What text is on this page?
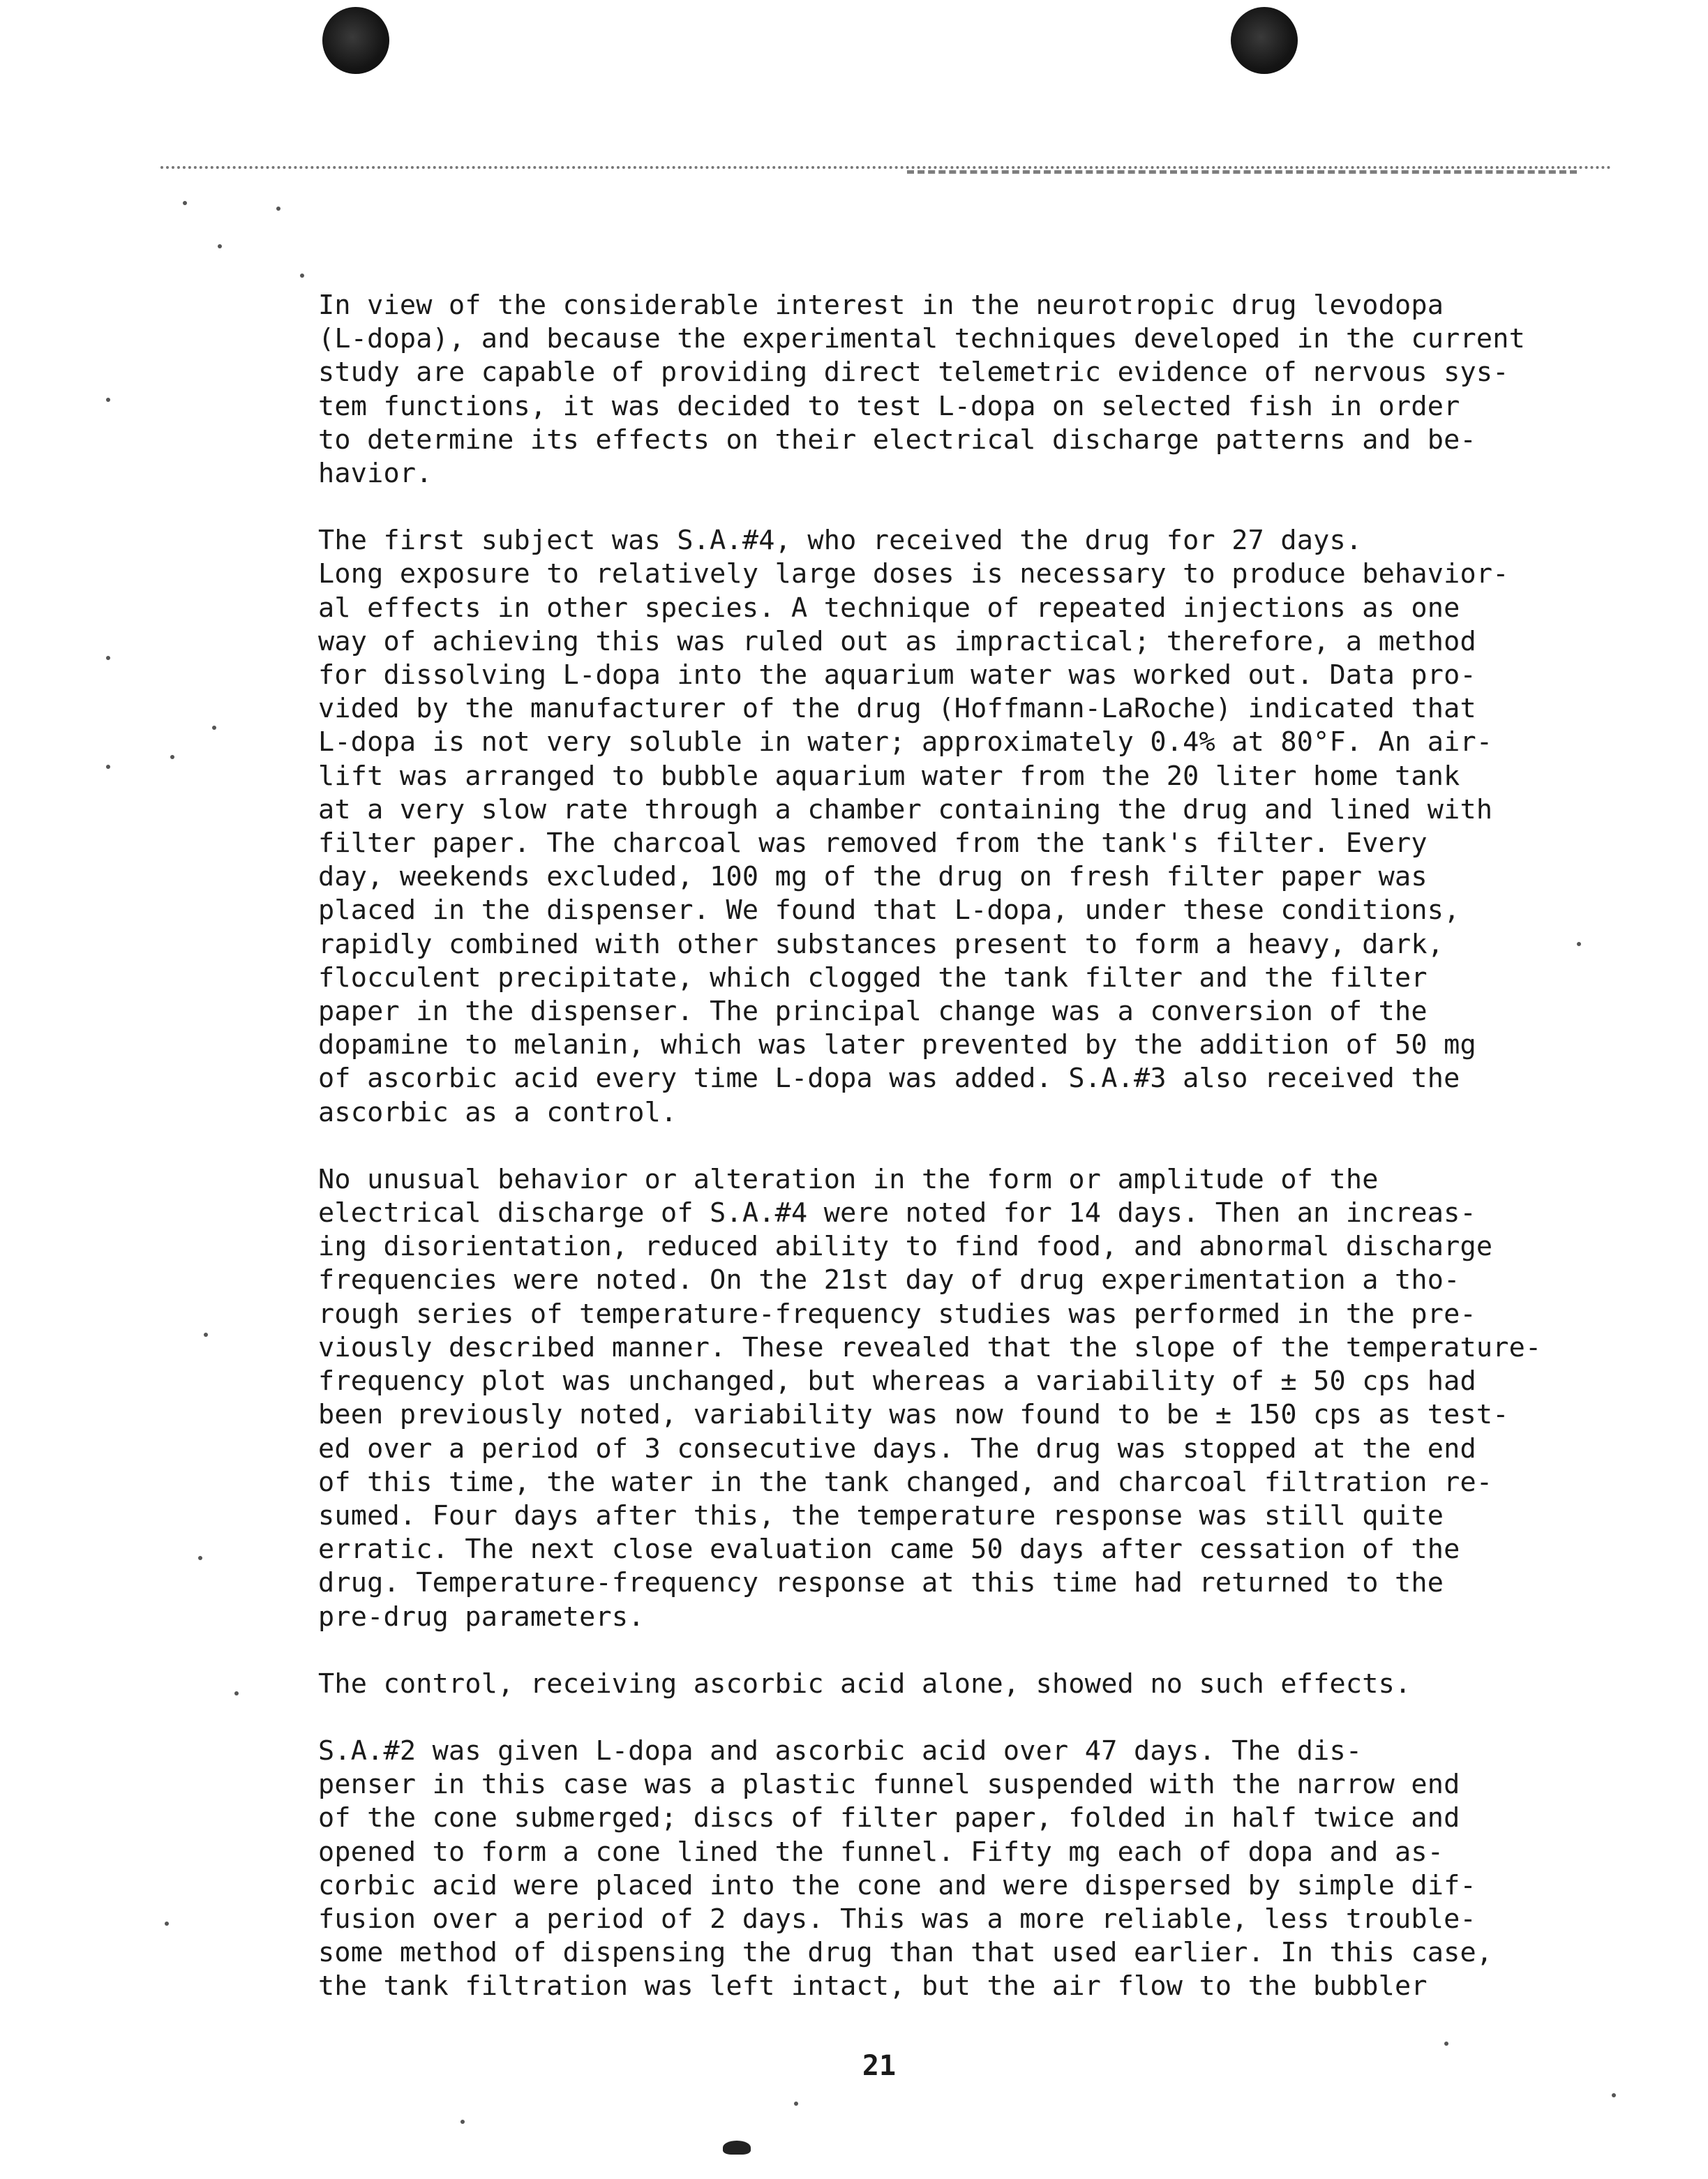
In view of the considerable interest in the neurotropic drug levodopa
(L-dopa), and because the experimental techniques developed in the current
study are capable of providing direct telemetric evidence of nervous sys-
tem functions, it was decided to test L-dopa on selected fish in order
to determine its effects on their electrical discharge patterns and be-
havior.

The first subject was S.A.#4, who received the drug for 27 days.
Long exposure to relatively large doses is necessary to produce behavior-
al effects in other species. A technique of repeated injections as one
way of achieving this was ruled out as impractical; therefore, a method
for dissolving L-dopa into the aquarium water was worked out. Data pro-
vided by the manufacturer of the drug (Hoffmann-LaRoche) indicated that
L-dopa is not very soluble in water; approximately 0.4% at 80°F. An air-
lift was arranged to bubble aquarium water from the 20 liter home tank
at a very slow rate through a chamber containing the drug and lined with
filter paper. The charcoal was removed from the tank's filter. Every
day, weekends excluded, 100 mg of the drug on fresh filter paper was
placed in the dispenser. We found that L-dopa, under these conditions,
rapidly combined with other substances present to form a heavy, dark,
flocculent precipitate, which clogged the tank filter and the filter
paper in the dispenser. The principal change was a conversion of the
dopamine to melanin, which was later prevented by the addition of 50 mg
of ascorbic acid every time L-dopa was added. S.A.#3 also received the
ascorbic as a control.

No unusual behavior or alteration in the form or amplitude of the
electrical discharge of S.A.#4 were noted for 14 days. Then an increas-
ing disorientation, reduced ability to find food, and abnormal discharge
frequencies were noted. On the 21st day of drug experimentation a tho-
rough series of temperature-frequency studies was performed in the pre-
viously described manner. These revealed that the slope of the temperature-
frequency plot was unchanged, but whereas a variability of ± 50 cps had
been previously noted, variability was now found to be ± 150 cps as test-
ed over a period of 3 consecutive days. The drug was stopped at the end
of this time, the water in the tank changed, and charcoal filtration re-
sumed. Four days after this, the temperature response was still quite
erratic. The next close evaluation came 50 days after cessation of the
drug. Temperature-frequency response at this time had returned to the
pre-drug parameters.

The control, receiving ascorbic acid alone, showed no such effects.

S.A.#2 was given L-dopa and ascorbic acid over 47 days. The dis-
penser in this case was a plastic funnel suspended with the narrow end
of the cone submerged; discs of filter paper, folded in half twice and
opened to form a cone lined the funnel. Fifty mg each of dopa and as-
corbic acid were placed into the cone and were dispersed by simple dif-
fusion over a period of 2 days. This was a more reliable, less trouble-
some method of dispensing the drug than that used earlier. In this case,
the tank filtration was left intact, but the air flow to the bubbler

21
